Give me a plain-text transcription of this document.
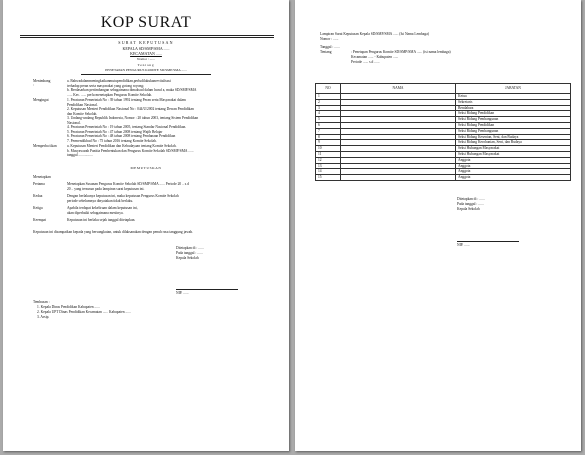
KOP SURAT
SURAT KEPUTUSAN
KEPALA SD/SMP/SMA ......
KECAMATAN ......
Nomor : ......
Tentang
PENETAPAN PENGURUS KOMITE SD/SMP/SMA ......
Menimbang
:
a. Bahwadalammeningkatkanmutupendidikan,perludilakukanrevitalisasi
terhadap peran serta masyarakat yang gotong royong;
b. Berdasarkan pertimbangan sebagaimana dimaksud dalam huruf a, maka SD/SMP/SMA
...... Kec. ...... perlu menetapkan Pengurus Komite Sekolah.
Mengingat	1. Peraturan Pemerintah No : 39 tahun 1992 tentang Peran serta Masyarakat dalam
Pendidikan Nasional.
2. Keputusan Menteri Pendidikan Nasional No : 044/U/2002 tentang Dewan Pendidikan
dan Komite Sekolah.
3. Undang-undang Republik Indonesia, Nomor : 20 tahun 2003, tentang Sistem Pendidikan
Nasional.
4. Peraturan Pemerintah No : 19 tahun 2005, tentang Standar Nasional Pendidikan.
5. Peraturan Pemerintah No : 47 tahun 2008 tentang Wajib Belajar
6. Peraturan Pemerintah No : 48 tahun 2008 tentang Pendanaan Pendidikan
7. Permendikbud No : 75 tahun 2016 tentang Komite Sekolah.
Memperha tikan	a. Keputusan Menteri Pendidikan dan Kebudayaan tentang Komite Sekolah.
b. Musyawarah Panitia Pembentukan dan Pengurus Komite Sekolah SD/SMP/SMA ......
tanggal ................
MEMUTUSKAN
Menetapkan
Pertama	Menetapkan Susunan Pengurus Komite Sekolah SD/SMP/SMA ...... Periode 20 .. s.d
20 .. yang tersusun pada lampiran surat keputusan ini.
Kedua	Dengan berlakunya keputusan ini, maka keputusan Pengurus Komite Sekolah
periode sebelumnya dinyatakan tidak berlaku.
Ketiga	Apabila terdapat kekeliruan dalam keputusan ini,
akan diperbaiki sebagaimana mestinya.
Keempat	Keputusan ini berlaku sejak tanggal ditetapkan.
Keputusan ini disampaikan kepada yang bersangkutan, untuk dilaksanakan dengan penuh rasa tanggung jawab.
Ditetapkan di : ......
Pada tanggal : ......
Kepala Sekolah
NIP. ......
Tembusan :
1. Kepala Dinas Pendidikan Kabupaten ......
2. Kepala UPT Dinas Pendidikan Kecamatan ...... Kabupaten ......
3. Arsip.
Lampiran Surat Keputusan Kepala SD/SMP/SMA ...... (Isi Nama Lembaga)
Nomor : ......
Tanggal : ......
Tentang	: Penetapan Pengurus Komite SD/SMP/SMA ...... (isi nama lembaga)
Kecamatan ...... - Kabupaten ......
Periode ...... s.d ......
NO	NAMA	JABATAN
1		Ketua
2		Sekretaris
3		Bendahara
4		Seksi Bidang Pendidikan
5		Seksi Bidang Pembangunan
6		Seksi Bidang Pendidikan
7		Seksi Bidang Pembangunan
8		Seksi Bidang Kesenian, Seni, dan Budaya
9		Seksi Bidang Kerohanian, Seni, dan Budaya
10		Seksi Hubungan Masyarakat
11		Seksi Hubungan Masyarakat
12		Anggota
13		Anggota
14		Anggota
15		Anggota
Ditetapkan di : ......
Pada tanggal : ......
Kepala Sekolah
NIP. ......
